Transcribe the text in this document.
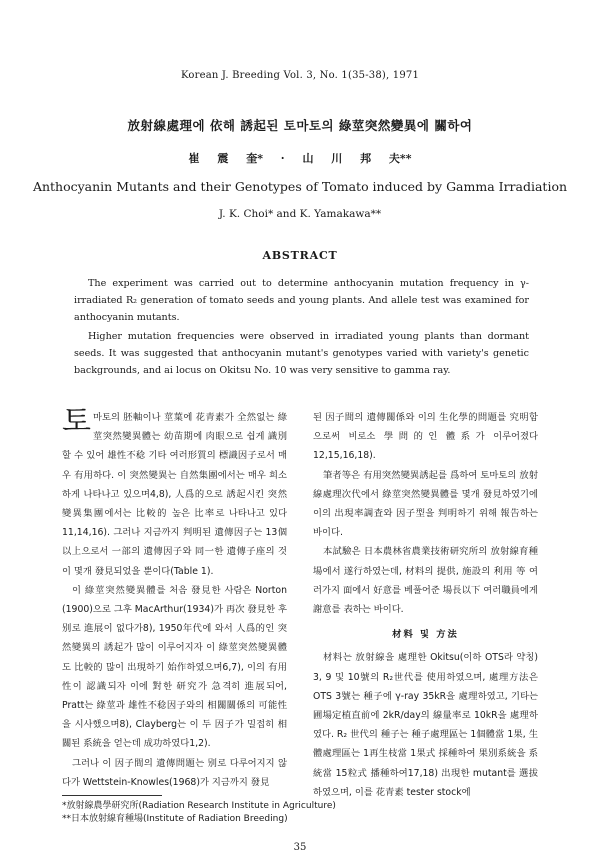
Korean J. Breeding Vol. 3, No. 1(35-38), 1971
放射線處理에 依해 誘起된 토마토의 綠莖突然變異에 關하여
崔 震 奎* · 山 川 邦 夫**
Anthocyanin Mutants and their Genotypes of Tomato induced by Gamma Irradiation
J. K. Choi* and K. Yamakawa**
ABSTRACT

The experiment was carried out to determine anthocyanin mutation frequency in γ-irradiated R₂ generation of tomato seeds and young plants. And allele test was examined for anthocyanin mutants.

Higher mutation frequencies were observed in irradiated young plants than dormant seeds. It was suggested that anthocyanin mutant's genotypes varied with variety's genetic backgrounds, and ai locus on Okitsu No. 10 was very sensitive to gamma ray.

토마토의 胚軸이나 莖葉에 花青素가 全然없는 綠莖突然變異體는 幼苗期에 肉眼으로 쉽게 識別할 수 있어 雄性不稔 기타 여러形質의 標識因子로서 매우 有用하다. 이 突然變異는 自然集團에서는 매우 희소하게 나타나고 있으며4,8), 人爲的으로 誘起시킨 突然變異集團에서는 比較的 높은 比率로 나타나고 있다 11,14,16). 그러나 지금까지 判明된 遺傳因子는 13個以上으로서 一部의 遺傳因子와 同一한 遺傳子座의 것이 몇개 發見되었을 뿐이다(Table 1).

이 綠莖突然變異體를 처음 發見한 사람은 Norton (1900)으로 그후 MacArthur(1934)가 再次 發見한 후 别로 進展이 없다가8), 1950年代에 와서 人爲的인 突然變異의 誘起가 많이 이루어지자 이 綠莖突然變異體도 比較的 많이 出現하기 始作하였으며6,7), 이의 有用性이 認識되자 이에 對한 研究가 急격히 進展되어, Pratt는 綠莖과 雄性不稔因子와의 相關關係의 可能性을 시사했으며8), Clayberg는 이 두 因子가 밀접히 相關된 系統을 얻는데 成功하였다1,2).

그러나 이 因子間의 遺傳問題는 别로 다루어지지 않다가 Wettstein-Knowles(1968)가 지금까지 發見

된 因子間의 遺傳關係와 이의 生化學的問題를 究明함으로써 비로소 學問的인 體系가 이루어졌다12,15,16,18).

筆者等은 有用突然變異誘起를 爲하여 토마토의 放射線處理次代에서 綠莖突然變異體를 몇개 發見하였기에 이의 出現率調査와 因子型을 判明하기 위해 報告하는 바이다.

本試驗은 日本農林省農業技術研究所의 放射線育種場에서 遂行하였는데, 材料의 提供, 施設의 利用 等 여러가지 面에서 好意를 베풀어준 場長以下 여러職員에게 謝意를 表하는 바이다.

材料 및 方法

材料는 放射線을 處理한 Okitsu(이하 OTS라 약칭) 3, 9 및 10號의 R₂世代를 使用하였으며, 處理方法은 OTS 3號는 種子에 γ-ray 35kR을 處理하였고, 기타는 圃場定植直前에 2kR/day의 線量率로 10kR을 處理하였다. R₂ 世代의 種子는 種子處理區는 1個體當 1果, 生體處理區는 1再生枝當 1果式 採種하여 果別系統을 系統當 15粒式 播種하여17,18) 出現한 mutant를 選拔하였으며, 이를 花青素 tester stock에

*放射線農學研究所(Radiation Research Institute in Agriculture)
**日本放射線育種場(Institute of Radiation Breeding)
35
